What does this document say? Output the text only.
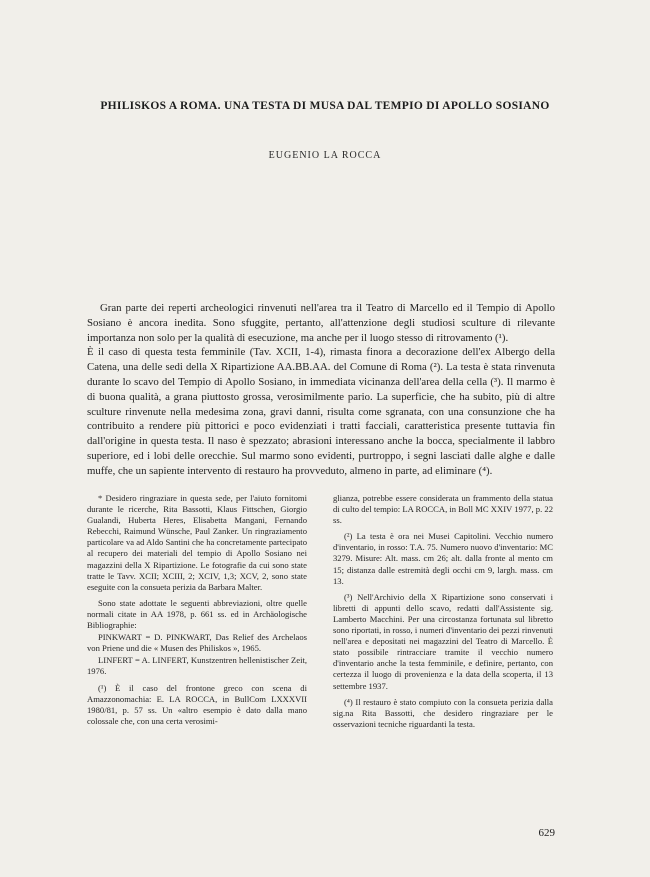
PHILISKOS A ROMA. UNA TESTA DI MUSA DAL TEMPIO DI APOLLO SOSIANO
EUGENIO LA ROCCA

Gran parte dei reperti archeologici rinvenuti nell'area tra il Teatro di Marcello ed il Tempio di Apollo Sosiano è ancora inedita. Sono sfuggite, pertanto, all'attenzione degli studiosi sculture di rilevante importanza non solo per la qualità di esecuzione, ma anche per il luogo stesso di ritrovamento (¹).

È il caso di questa testa femminile (Tav. XCII, 1-4), rimasta finora a decorazione dell'ex Albergo della Catena, una delle sedi della X Ripartizione AA.BB.AA. del Comune di Roma (²). La testa è stata rinvenuta durante lo scavo del Tempio di Apollo Sosiano, in immediata vicinanza dell'area della cella (³). Il marmo è di buona qualità, a grana piuttosto grossa, verosimilmente pario. La superficie, che ha subito, più di altre sculture rinvenute nella medesima zona, gravi danni, risulta come sgranata, con una consunzione che ha contribuito a rendere più pittorici e poco evidenziati i tratti facciali, caratteristica presente tuttavia fin dall'origine in questa testa. Il naso è spezzato; abrasioni interessano anche la bocca, specialmente il labbro superiore, ed i lobi delle orecchie. Sul marmo sono evidenti, purtroppo, i segni lasciati dalle alghe e dalle muffe, che un sapiente intervento di restauro ha provveduto, almeno in parte, ad eliminare (⁴).

* Desidero ringraziare in questa sede, per l'aiuto fornitomi durante le ricerche, Rita Bassotti, Klaus Fittschen, Giorgio Gualandi, Huberta Heres, Elisabetta Mangani, Fernando Rebecchi, Raimund Wünsche, Paul Zanker. Un ringraziamento particolare va ad Aldo Santini che ha concretamente partecipato al recupero dei materiali del tempio di Apollo Sosiano nei magazzini della X Ripartizione. Le fotografie da cui sono state tratte le Tavv. XCII; XCIII, 2; XCIV, 1,3; XCV, 2, sono state eseguite con la consueta perizia da Barbara Malter.

Sono state adottate le seguenti abbreviazioni, oltre quelle normali citate in AA 1978, p. 661 ss. ed in Archäologische Bibliographie:

PINKWART = D. PINKWART, Das Relief des Archelaos von Priene und die « Musen des Philiskos », 1965.

LINFERT = A. LINFERT, Kunstzentren hellenistischer Zeit, 1976.

(¹) È il caso del frontone greco con scena di Amazzonomachia: E. LA ROCCA, in BullCom LXXXVII 1980/81, p. 57 ss. Un «altro esempio è dato dalla mano colossale che, con una certa verosimi-

glianza, potrebbe essere considerata un frammento della statua di culto del tempio: LA ROCCA, in Boll MC XXIV 1977, p. 22 ss.

(²) La testa è ora nei Musei Capitolini. Vecchio numero d'inventario, in rosso: T.A. 75. Numero nuovo d'inventario: MC 3279. Misure: Alt. mass. cm 26; alt. dalla fronte al mento cm 15; distanza dalle estremità degli occhi cm 9, largh. mass. cm 13.

(³) Nell'Archivio della X Ripartizione sono conservati i libretti di appunti dello scavo, redatti dall'Assistente sig. Lamberto Macchini. Per una circostanza fortunata sul libretto sono riportati, in rosso, i numeri d'inventario dei pezzi rinvenuti nell'area e depositati nei magazzini del Teatro di Marcello. È stato possibile rintracciare tramite il vecchio numero d'inventario anche la testa femminile, e definire, pertanto, con certezza il luogo di provenienza e la data della scoperta, il 13 settembre 1937.

(⁴) Il restauro è stato compiuto con la consueta perizia dalla sig.na Rita Bassotti, che desidero ringraziare per le osservazioni tecniche riguardanti la testa.

629
